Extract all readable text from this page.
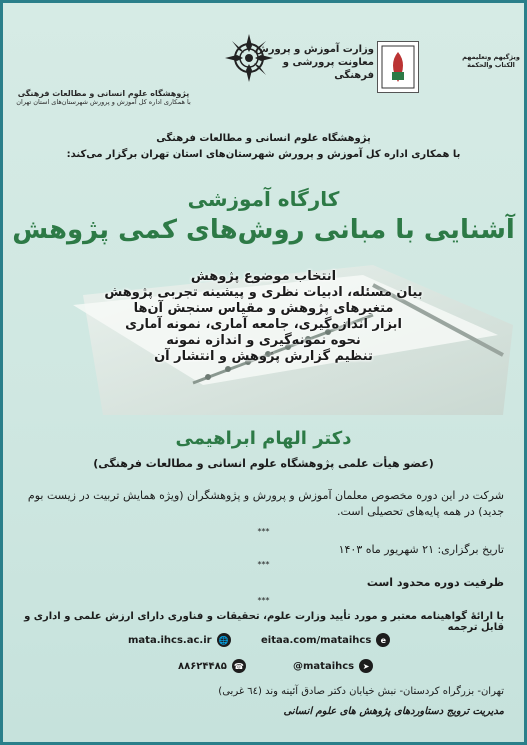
پژوهشگاه علوم انسانی و مطالعات فرهنگی
با همکاری اداره کل آموزش و پرورش شهرستان‌های استان تهران
ویژگیهم وتعلیمهم الکتاب والحکمة
وزارت آموزش و پرورش
معاونت پرورشی و فرهنگی
پژوهشگاه علوم انسانی و مطالعات فرهنگی
با همکاری اداره کل آموزش و پرورش شهرستان‌های استان تهران برگزار می‌کند:
کارگاه آموزشی
آشنایی با مبانی روش‌های کمی پژوهش
انتخاب موضوع پژوهش
بیان مسئله، ادبیات نظری و پیشینه تجربی پژوهش
متغیرهای پژوهش و مقیاس سنجش آن‌ها
ابزار اندازه‌گیری، جامعه آماری، نمونه آماری
نحوه نمونه‌گیری و اندازه نمونه
تنظیم گزارش پژوهش و انتشار آن
دکتر الهام ابراهیمی
(عضو هیأت علمی پژوهشگاه علوم انسانی و مطالعات فرهنگی)
شرکت در این دوره مخصوص معلمان آموزش و پرورش و پژوهشگران (ویژه همایش تربیت در زیست بوم جدید) در همه پایه‌های تحصیلی است.
***
تاریخ برگزاری: ۲۱ شهریور ماه ۱۴۰۳
***
ظرفیت دوره محدود است
***
با ارائهٔ گواهینامه معتبر و مورد تأیید وزارت علوم، تحقیقات و فناوری دارای ارزش علمی و اداری و قابل ترجمه
mata.ihcs.ac.ir 🌐	eitaa.com/mataihcs	e
۸۸۶۲۴۴۸۵ ☎	@mataihcs	➤
تهران- بزرگراه کردستان- نبش خیابان دکتر صادق آئینه وند (٦٤ غربی)
مدیریت ترویج دستاوردهای پژوهش های علوم انسانی
